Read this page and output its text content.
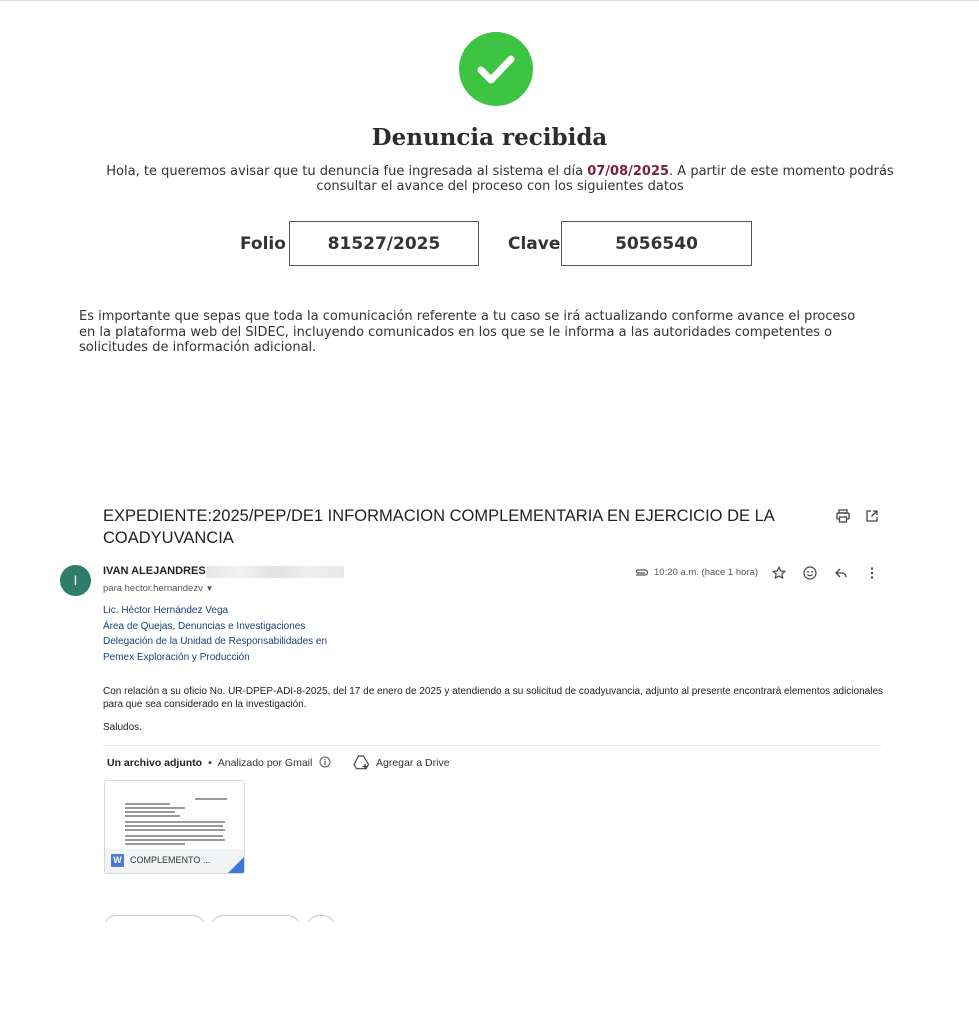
Denuncia recibida
Hola, te queremos avisar que tu denuncia fue ingresada al sistema el día 07/08/2025. A partir de este momento podrás consultar el avance del proceso con los siguientes datos
Folio	81527/2025	Clave	5056540
Es importante que sepas que toda la comunicación referente a tu caso se irá actualizando conforme avance el proceso en la plataforma web del SIDEC, incluyendo comunicados en los que se le informa a las autoridades competentes o solicitudes de información adicional.
EXPEDIENTE:2025/PEP/DE1 INFORMACION COMPLEMENTARIA EN EJERCICIO DE LA COADYUVANCIA
I
IVAN ALEJANDRES
para hector.hernandezv ▼
10:20 a.m. (hace 1 hora)
Lic. Héctor Hernández Vega
Área de Quejas, Denuncias e Investigaciones
Delegación de la Unidad de Responsabilidades en
Pemex Exploración y Producción
Con relación a su oficio No. UR-DPEP-ADI-8-2025, del 17 de enero de 2025 y atendiendo a su solicitud de coadyuvancia, adjunto al presente encontrará elementos adicionales para que sea considerado en la investigación.
Saludos.
Un archivo adjunto • Analizado por Gmail	Agregar a Drive
W COMPLEMENTO ...
